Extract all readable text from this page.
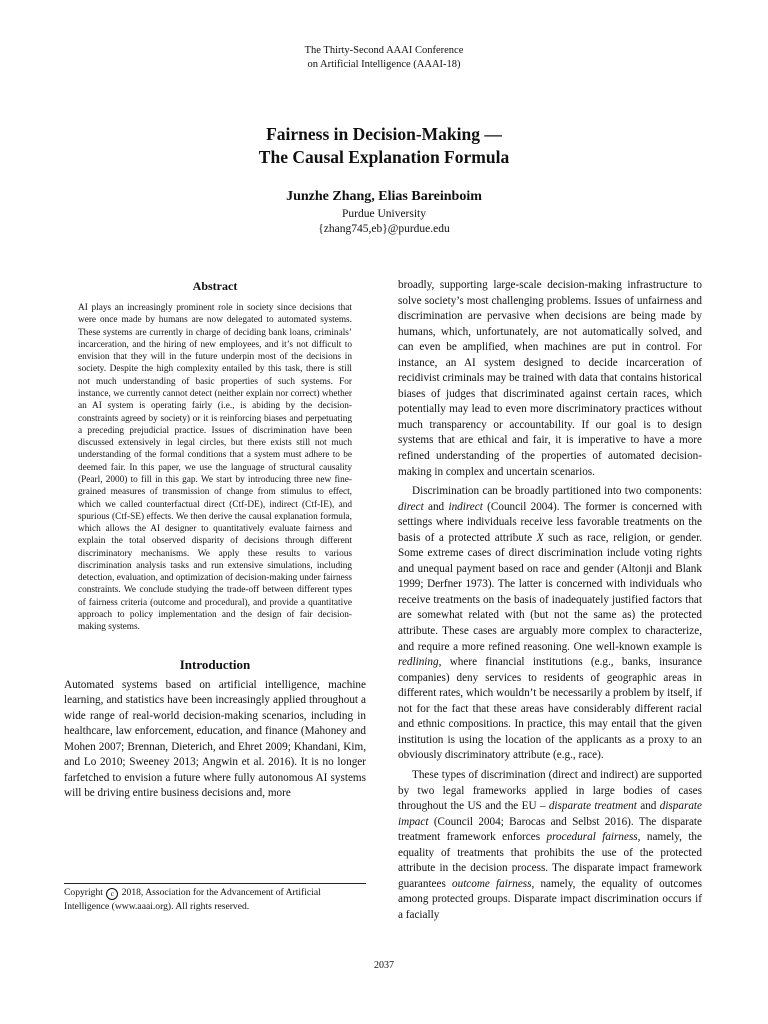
The Thirty-Second AAAI Conference
on Artificial Intelligence (AAAI-18)
Fairness in Decision-Making —
The Causal Explanation Formula
Junzhe Zhang, Elias Bareinboim
Purdue University
{zhang745,eb}@purdue.edu
Abstract

AI plays an increasingly prominent role in society since decisions that were once made by humans are now delegated to automated systems. These systems are currently in charge of deciding bank loans, criminals’ incarceration, and the hiring of new employees, and it’s not difficult to envision that they will in the future underpin most of the decisions in society. Despite the high complexity entailed by this task, there is still not much understanding of basic properties of such systems. For instance, we currently cannot detect (neither explain nor correct) whether an AI system is operating fairly (i.e., is abiding by the decision-constraints agreed by society) or it is reinforcing biases and perpetuating a preceding prejudicial practice. Issues of discrimination have been discussed extensively in legal circles, but there exists still not much understanding of the formal conditions that a system must adhere to be deemed fair. In this paper, we use the language of structural causality (Pearl, 2000) to fill in this gap. We start by introducing three new fine-grained measures of transmission of change from stimulus to effect, which we called counterfactual direct (Ctf-DE), indirect (Ctf-IE), and spurious (Ctf-SE) effects. We then derive the causal explanation formula, which allows the AI designer to quantitatively evaluate fairness and explain the total observed disparity of decisions through different discriminatory mechanisms. We apply these results to various discrimination analysis tasks and run extensive simulations, including detection, evaluation, and optimization of decision-making under fairness constraints. We conclude studying the trade-off between different types of fairness criteria (outcome and procedural), and provide a quantitative approach to policy implementation and the design of fair decision-making systems.

Introduction

Automated systems based on artificial intelligence, machine learning, and statistics have been increasingly applied throughout a wide range of real-world decision-making scenarios, including in healthcare, law enforcement, education, and finance (Mahoney and Mohen 2007; Brennan, Dieterich, and Ehret 2009; Khandani, Kim, and Lo 2010; Sweeney 2013; Angwin et al. 2016). It is no longer farfetched to envision a future where fully autonomous AI systems will be driving entire business decisions and, more

broadly, supporting large-scale decision-making infrastructure to solve society’s most challenging problems. Issues of unfairness and discrimination are pervasive when decisions are being made by humans, which, unfortunately, are not automatically solved, and can even be amplified, when machines are put in control. For instance, an AI system designed to decide incarceration of recidivist criminals may be trained with data that contains historical biases of judges that discriminated against certain races, which potentially may lead to even more discriminatory practices without much transparency or accountability. If our goal is to design systems that are ethical and fair, it is imperative to have a more refined understanding of the properties of automated decision-making in complex and uncertain scenarios.

Discrimination can be broadly partitioned into two components: direct and indirect (Council 2004). The former is concerned with settings where individuals receive less favorable treatments on the basis of a protected attribute X such as race, religion, or gender. Some extreme cases of direct discrimination include voting rights and unequal payment based on race and gender (Altonji and Blank 1999; Derfner 1973). The latter is concerned with individuals who receive treatments on the basis of inadequately justified factors that are somewhat related with (but not the same as) the protected attribute. These cases are arguably more complex to characterize, and require a more refined reasoning. One well-known example is redlining, where financial institutions (e.g., banks, insurance companies) deny services to residents of geographic areas in different rates, which wouldn’t be necessarily a problem by itself, if not for the fact that these areas have considerably different racial and ethnic compositions. In practice, this may entail that the given institution is using the location of the applicants as a proxy to an obviously discriminatory attribute (e.g., race).

These types of discrimination (direct and indirect) are supported by two legal frameworks applied in large bodies of cases throughout the US and the EU – disparate treatment and disparate impact (Council 2004; Barocas and Selbst 2016). The disparate treatment framework enforces procedural fairness, namely, the equality of treatments that prohibits the use of the protected attribute in the decision process. The disparate impact framework guarantees outcome fairness, namely, the equality of outcomes among protected groups. Disparate impact discrimination occurs if a facially

Copyright c 2018, Association for the Advancement of Artificial Intelligence (www.aaai.org). All rights reserved.
2037
